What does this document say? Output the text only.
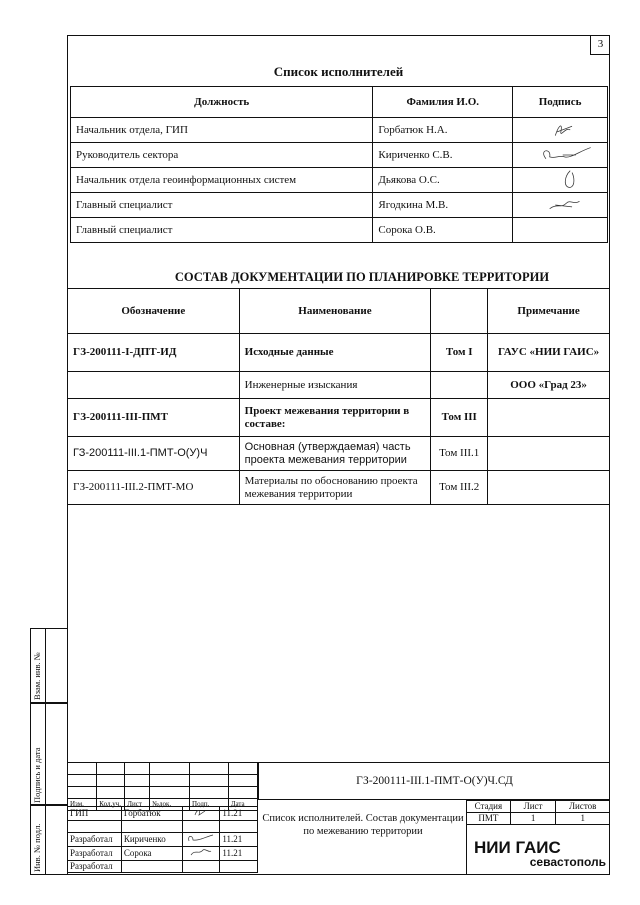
3
Список исполнителей
Должность	Фамилия И.О.	Подпись
Начальник отдела, ГИП	Горбатюк Н.А.	

Руководитель сектора	Кириченко С.В.	

Начальник отдела геоинформационных систем	Дьякова О.С.	

Главный специалист	Ягодкина М.В.	

Главный специалист	Сорока О.В.	
СОСТАВ ДОКУМЕНТАЦИИ ПО ПЛАНИРОВКЕ ТЕРРИТОРИИ
Обозначение	Наименование		Примечание
ГЗ-200111-I-ДПТ-ИД	Исходные данные	Том I	ГАУС «НИИ ГАИС»
	Инженерные изыскания		ООО «Град 23»
ГЗ-200111-III-ПМТ	Проект межевания территории в составе:	Том III	
ГЗ-200111-III.1-ПМТ-О(У)Ч	Основная (утверждаемая) часть проекта межевания территории	Том III.1	
ГЗ-200111-III.2-ПМТ-МО	Материалы по обоснованию проекта межевания территории	Том III.2	
Взам. инв. №
Подпись и дата
Инв. № подл.

Изм.	Кол.уч.	Лист	№док.	Подп.	Дата
ГИП	Горбатюк		11.21

Разработал	Кириченко		11.21
Разработал	Сорока		11.21
Разработал			
ГЗ-200111-III.1-ПМТ-О(У)Ч.СД
Список исполнителей. Состав документации по межеванию территории
Стадия	Лист	Листов
ПМТ	1	1
НИИ ГАИС
севастополь
